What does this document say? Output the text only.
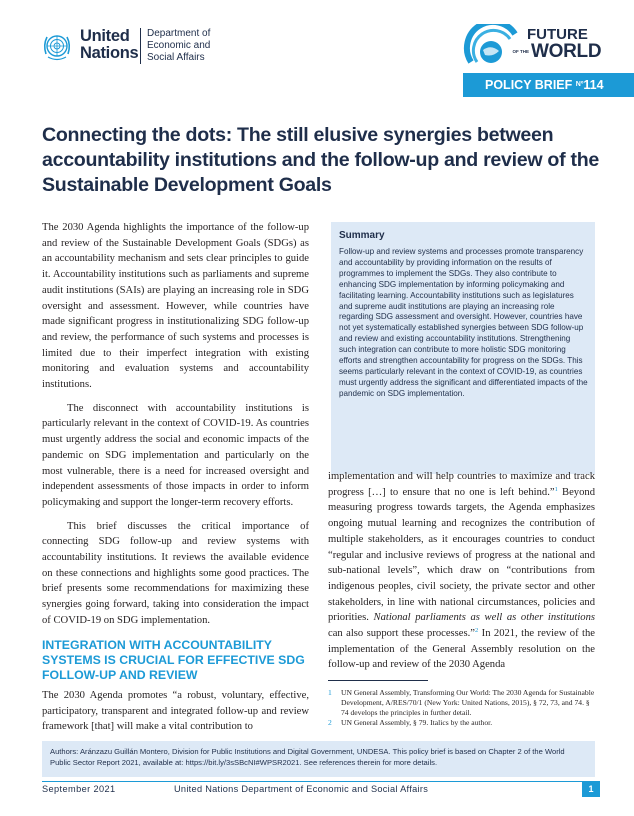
United
Nations
Department of
Economic and
Social Affairs
FUTURE
OF THE WORLD
POLICY BRIEF $^{Nº}$114
Connecting the dots: The still elusive synergies between accountability institutions and the follow-up and review of the Sustainable Development Goals
Summary

Follow-up and review systems and processes promote transparency and accountability by providing information on the results of programmes to implement the SDGs. They also contribute to enhancing SDG implementation by informing policymaking and facilitating learning. Accountability institutions such as legislatures and supreme audit institutions are playing an increasing role regarding SDG assessment and oversight. However, countries have not yet systematically established synergies between SDG follow-up and review and existing accountability institutions. Strengthening such integration can contribute to more holistic SDG monitoring efforts and strengthen accountability for progress on the SDGs. This seems particularly relevant in the context of COVID-19, as countries must urgently address the significant and differentiated impacts of the pandemic on SDG implementation.

The 2030 Agenda highlights the importance of the follow-up and review of the Sustainable Development Goals (SDGs) as an accountability mechanism and sets clear principles to guide it. Accountability institutions such as parliaments and supreme audit institutions (SAIs) are playing an increasing role in SDG oversight and assessment. However, while countries have made significant progress in institutionalizing SDG follow-up and review, the performance of such systems and processes is limited due to their imperfect integration with existing monitoring and evaluation systems and accountability institutions.

The disconnect with accountability institutions is particularly relevant in the context of COVID-19. As countries must urgently address the social and economic impacts of the pandemic on SDG implementation and particularly on the most vulnerable, there is a need for increased oversight and independent assessments of those impacts in order to inform policymaking and support the longer-term recovery efforts.

This brief discusses the critical importance of connecting SDG follow-up and review systems with accountability institutions. It reviews the available evidence on these connections and highlights some good practices. The brief presents some recommendations for maximizing these synergies going forward, taking into consideration the impact of COVID-19 on SDG implementation.

INTEGRATION WITH ACCOUNTABILITY SYSTEMS IS CRUCIAL FOR EFFECTIVE SDG FOLLOW-UP AND REVIEW

The 2030 Agenda promotes “a robust, voluntary, effective, participatory, transparent and integrated follow-up and review framework [that] will make a vital contribution to

implementation and will help countries to maximize and track progress […] to ensure that no one is left behind.”$^1$ Beyond measuring progress towards targets, the Agenda emphasizes ongoing mutual learning and recognizes the contribution of multiple stakeholders, as it encourages countries to conduct “regular and inclusive reviews of progress at the national and sub-national levels”, which draw on “contributions from indigenous peoples, civil society, the private sector and other stakeholders, in line with national circumstances, policies and priorities. National parliaments as well as other institutions can also support these processes.”$^2$ In 2021, the review of the implementation of the General Assembly resolution on the follow-up and review of the 2030 Agenda

1	UN General Assembly, Transforming Our World: The 2030 Agenda for Sustainable Development, A/RES/70/1 (New York: United Nations, 2015), § 72, 73, and 74. § 74 develops the principles in further detail.
2	UN General Assembly, § 79. Italics by the author.
Authors: Aránzazu Guillán Montero, Division for Public Institutions and Digital Government, UNDESA. This policy brief is based on Chapter 2 of the World Public Sector Report 2021, available at: https://bit.ly/3sSBcNI#WPSR2021. See references therein for more details.
September 2021	United Nations Department of Economic and Social Affairs	1
